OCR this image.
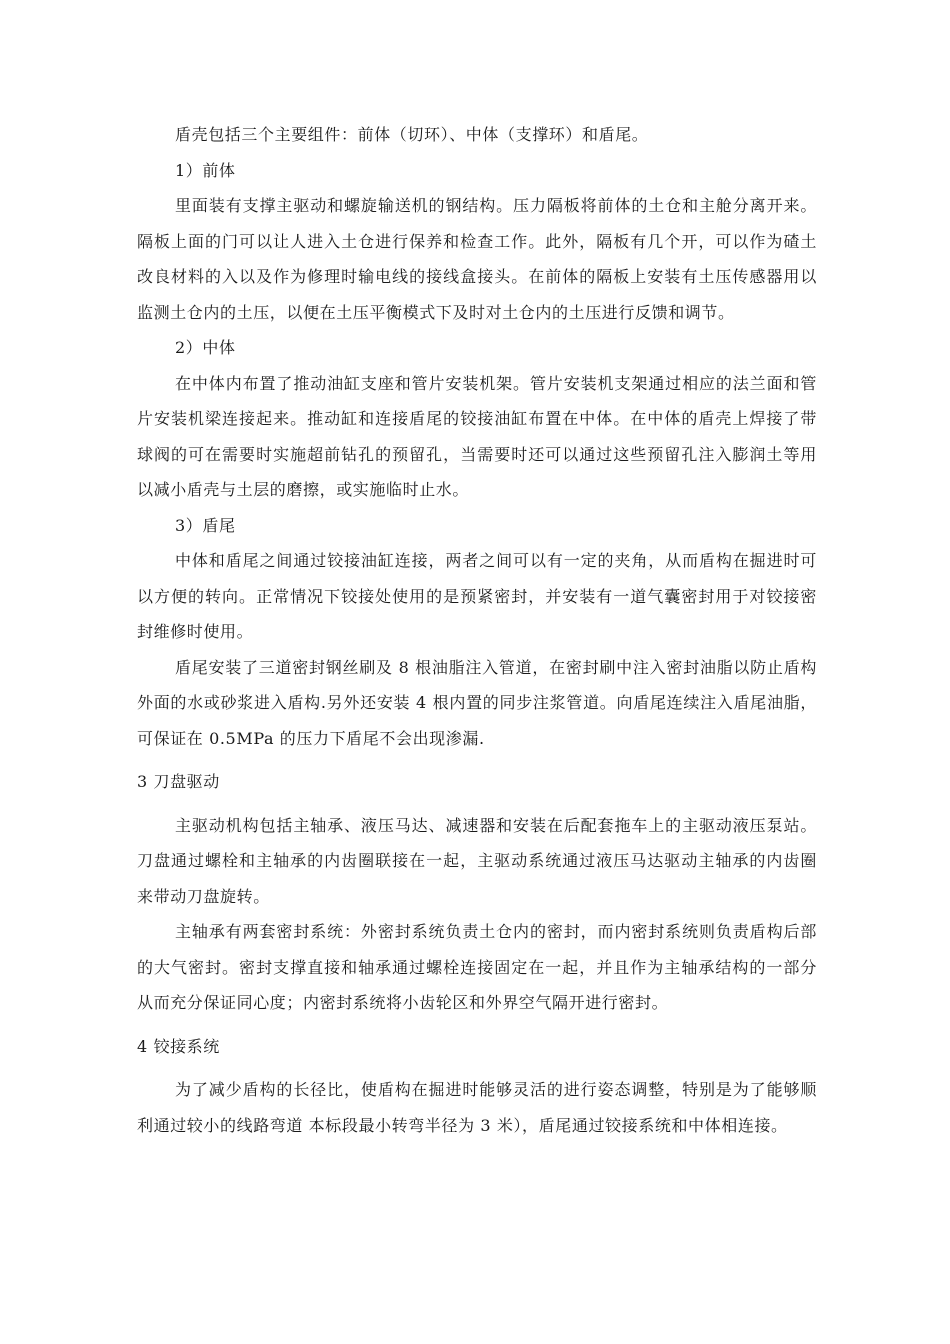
盾壳包括三个主要组件：前体（切环）、中体（支撑环）和盾尾。

1）前体

里面装有支撑主驱动和螺旋输送机的钢结构。压力隔板将前体的土仓和主舱分离开来。隔板上面的门可以让人进入土仓进行保养和检查工作。此外，隔板有几个开，可以作为碴土改良材料的入以及作为修理时输电线的接线盒接头。在前体的隔板上安装有土压传感器用以监测土仓内的土压，以便在土压平衡模式下及时对土仓内的土压进行反馈和调节。

2）中体

在中体内布置了推动油缸支座和管片安装机架。管片安装机支架通过相应的法兰面和管片安装机梁连接起来。推动缸和连接盾尾的铰接油缸布置在中体。在中体的盾壳上焊接了带球阀的可在需要时实施超前钻孔的预留孔，当需要时还可以通过这些预留孔注入膨润土等用以减小盾壳与土层的磨擦，或实施临时止水。

3）盾尾

中体和盾尾之间通过铰接油缸连接，两者之间可以有一定的夹角，从而盾构在掘进时可以方便的转向。正常情况下铰接处使用的是预紧密封，并安装有一道气囊密封用于对铰接密封维修时使用。

盾尾安装了三道密封钢丝刷及 8 根油脂注入管道，在密封刷中注入密封油脂以防止盾构外面的水或砂浆进入盾构.另外还安装 4 根内置的同步注浆管道。向盾尾连续注入盾尾油脂，可保证在 0.5MPa 的压力下盾尾不会出现渗漏.

3 刀盘驱动

主驱动机构包括主轴承、液压马达、减速器和安装在后配套拖车上的主驱动液压泵站。刀盘通过螺栓和主轴承的内齿圈联接在一起，主驱动系统通过液压马达驱动主轴承的内齿圈来带动刀盘旋转。

主轴承有两套密封系统：外密封系统负责土仓内的密封，而内密封系统则负责盾构后部的大气密封。密封支撑直接和轴承通过螺栓连接固定在一起，并且作为主轴承结构的一部分从而充分保证同心度；内密封系统将小齿轮区和外界空气隔开进行密封。

4 铰接系统

为了减少盾构的长径比，使盾构在掘进时能够灵活的进行姿态调整，特别是为了能够顺利通过较小的线路弯道 本标段最小转弯半径为 3 米），盾尾通过铰接系统和中体相连接。
